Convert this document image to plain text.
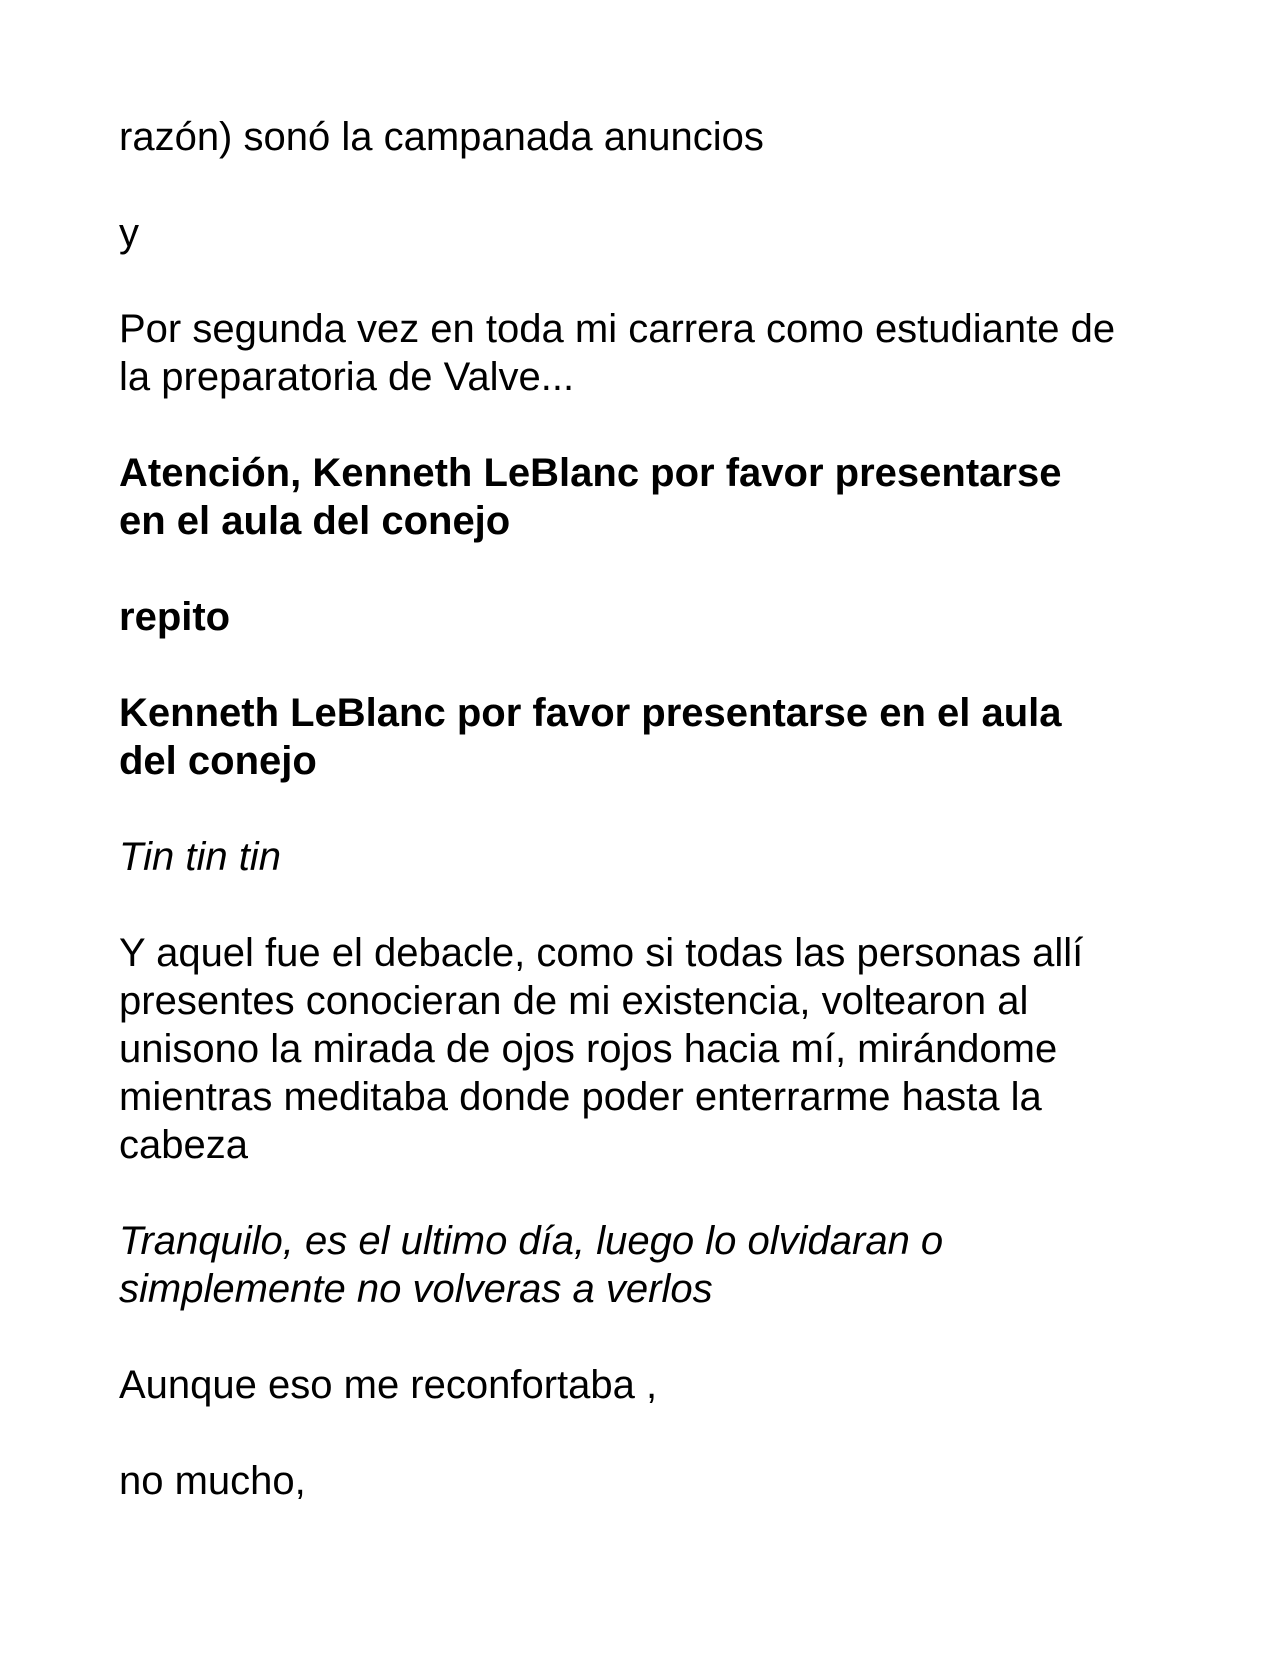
razón) sonó la campanada anuncios

y

Por segunda vez en toda mi carrera como estudiante de
la preparatoria de Valve...

Atención, Kenneth LeBlanc por favor presentarse
en el aula del conejo

repito

Kenneth LeBlanc por favor presentarse en el aula
del conejo

Tin tin tin

Y aquel fue el debacle, como si todas las personas allí
presentes conocieran de mi existencia, voltearon al
unisono la mirada de ojos rojos hacia mí, mirándome
mientras meditaba donde poder enterrarme hasta la
cabeza

Tranquilo, es el ultimo día, luego lo olvidaran o
simplemente no volveras a verlos

Aunque eso me reconfortaba ,

no mucho,
